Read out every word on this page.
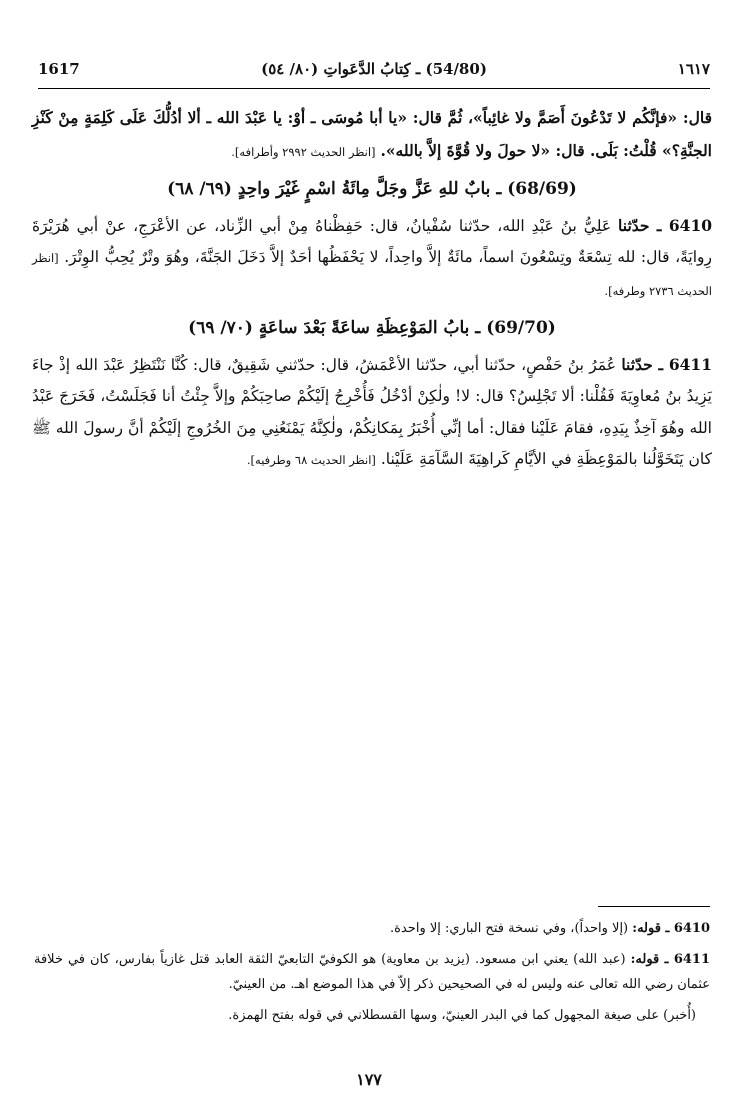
1617	(54/80) ـ كِتابُ الدَّعَواتِ (٨٠/ ٥٤)	١٦١٧

قال: «فإنَّكُم لا تَدْعُونَ أَصَمَّ ولا غائِباً»، ثُمَّ قال: «يا أبا مُوسَى ـ أوْ: يا عَبْدَ الله ـ ألا أدُلُّكَ عَلَى كَلِمَةٍ مِنْ كَنْزِ الجنَّةِ؟» قُلْتُ: بَلَى. قال: «لا حولَ ولا قُوَّةَ إلاَّ بالله». [انظر الحديث ٢٩٩٢ وأطرافه].

(68/69) ـ بابٌ للهِ عَزَّ وجَلَّ مِائَةُ اسْمٍ غَيْرَ واحِدٍ (٦٩/ ٦٨)

6410 ـ حدّثنا عَلِيُّ بنُ عَبْدِ الله، حدّثنا سُفْيانُ، قال: حَفِظْناهُ مِنْ أبي الزِّناد، عن الأعْرَجِ، عنْ أبي هُرَيْرَةَ رِوايَةً، قال: لله تِسْعَةٌ وتِسْعُونَ اسماً، مائَةٌ إلاَّ واحِداً، لا يَحْفَظُها أحَدٌ إلاَّ دَخَلَ الجَنَّةَ، وهُوَ وتْرٌ يُحِبُّ الوِتْرَ. [انظر الحديث ٢٧٣٦ وطرفه].

(69/70) ـ بابُ المَوْعِظَةِ ساعَةً بَعْدَ ساعَةٍ (٧٠/ ٦٩)

6411 ـ حدّثنا عُمَرُ بنُ حَفْصٍ، حدّثنا أبي، حدّثنا الأعْمَشُ، قال: حدّثني شَقِيقٌ، قال: كُنَّا نَنْتَظِرُ عَبْدَ الله إذْ جاءَ يَزِيدُ بنُ مُعاوِيَةَ فَقُلْنا: ألا تَجْلِسُ؟ قال: لا! ولٰكِنْ أدْخُلُ فَأُخْرِجُ إلَيْكُمْ صاحِبَكُمْ وإلاَّ جِئْتُ أنا فَجَلَسْتُ، فَخَرَجَ عَبْدُ الله وهُوَ آخِذٌ بِيَدِهِ، فقامَ عَلَيْنا فقال: أما إنِّي أُخْبَرُ بِمَكانِكُمْ، ولٰكِنَّهُ يَمْنَعُنِي مِنَ الخُرُوجِ إلَيْكُمْ أنَّ رسولَ الله ﷺ كان يَتَخَوَّلُنا بالمَوْعِظَةِ في الأيَّامِ كَراهِيَةَ السَّآمَةِ عَلَيْنا. [انظر الحديث ٦٨ وطرفيه].

6410 ـ قوله: (إلا واحداً)، وفي نسخة فتح الباري: إلا واحدة.

6411 ـ قوله: (عبد الله) يعني ابن مسعود. (يزيد بن معاوية) هو الكوفيّ التابعيّ الثقة العابد قتل غازياً بفارس، كان في خلافة عثمان رضي الله تعالى عنه وليس له في الصحيحين ذكر إلاّ في هذا الموضع اهـ. من العينيّ.

(أُخبر) على صيغة المجهول كما في البدر العينيّ، وسها القسطلاني في قوله بفتح الهمزة.

١٧٧
